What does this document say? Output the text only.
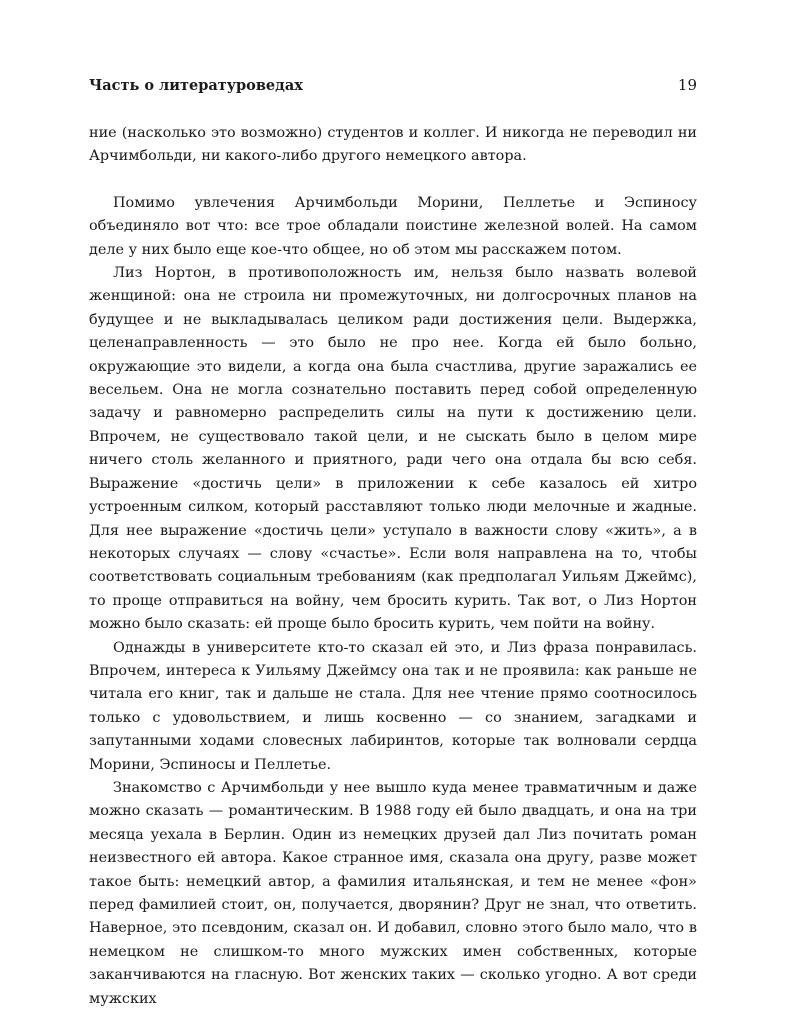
Часть о литературоведах	19

ние (насколько это возможно) студентов и коллег. И никогда не переводил ни Арчимбольди, ни какого-либо другого немецкого автора.

Помимо увлечения Арчимбольди Морини, Пеллетье и Эспиносу объединяло вот что: все трое обладали поистине железной волей. На самом деле у них было еще кое-что общее, но об этом мы расскажем потом.

Лиз Нортон, в противоположность им, нельзя было назвать волевой женщиной: она не строила ни промежуточных, ни долгосрочных планов на будущее и не выкладывалась целиком ради достижения цели. Выдержка, целенаправленность — это было не про нее. Когда ей было больно, окружающие это видели, а когда она была счастлива, другие заражались ее весельем. Она не могла сознательно поставить перед собой определенную задачу и равномерно распределить силы на пути к достижению цели. Впрочем, не существовало такой цели, и не сыскать было в целом мире ничего столь желанного и приятного, ради чего она отдала бы всю себя. Выражение «достичь цели» в приложении к себе казалось ей хитро устроенным силком, который расставляют только люди мелочные и жадные. Для нее выражение «достичь цели» уступало в важности слову «жить», а в некоторых случаях — слову «счастье». Если воля направлена на то, чтобы соответствовать социальным требованиям (как предполагал Уильям Джеймс), то проще отправиться на войну, чем бросить курить. Так вот, о Лиз Нортон можно было сказать: ей проще было бросить курить, чем пойти на войну.

Однажды в университете кто-то сказал ей это, и Лиз фраза понравилась. Впрочем, интереса к Уильяму Джеймсу она так и не проявила: как раньше не читала его книг, так и дальше не стала. Для нее чтение прямо соотносилось только с удовольствием, и лишь косвенно — со знанием, загадками и запутанными ходами словесных лабиринтов, которые так волновали сердца Морини, Эспиносы и Пеллетье.

Знакомство с Арчимбольди у нее вышло куда менее травматичным и даже можно сказать — романтическим. В 1988 году ей было двадцать, и она на три месяца уехала в Берлин. Один из немецких друзей дал Лиз почитать роман неизвестного ей автора. Какое странное имя, сказала она другу, разве может такое быть: немецкий автор, а фамилия итальянская, и тем не менее «фон» перед фамилией стоит, он, получается, дворянин? Друг не знал, что ответить. Наверное, это псевдоним, сказал он. И добавил, словно этого было мало, что в немецком не слишком-то много мужских имен собственных, которые заканчиваются на гласную. Вот женских таких — сколько угодно. А вот среди мужских
